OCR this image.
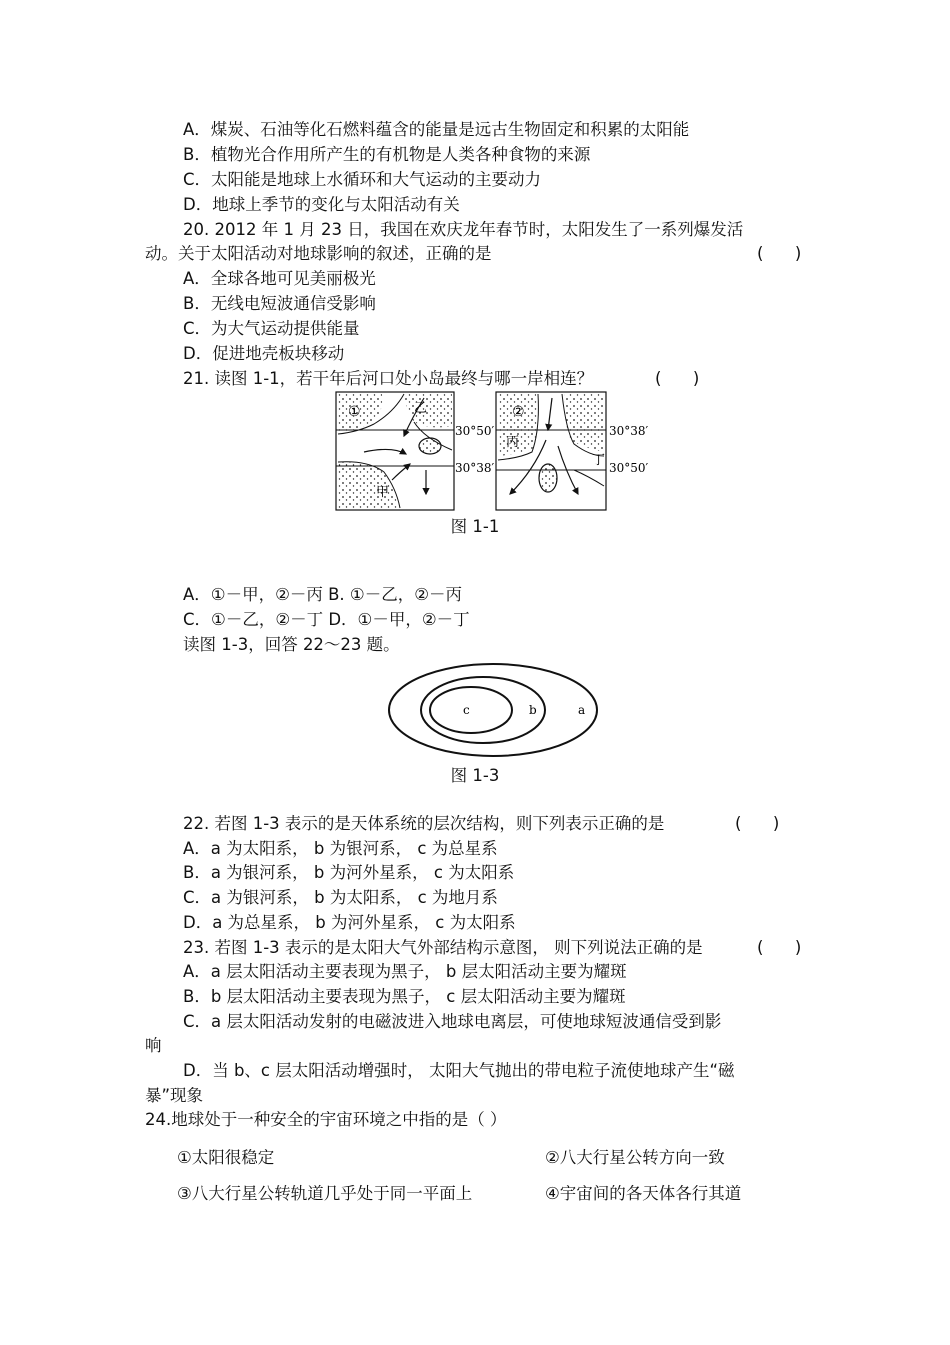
A．煤炭、石油等化石燃料蕴含的能量是远古生物固定和积累的太阳能
B．植物光合作用所产生的有机物是人类各种食物的来源
C．太阳能是地球上水循环和大气运动的主要动力
D．地球上季节的变化与太阳活动有关
20. 2012 年 1 月 23 日，我国在欢庆龙年春节时，太阳发生了一系列爆发活
动。关于太阳活动对地球影响的叙述，正确的是	(      )
A．全球各地可见美丽极光
B．无线电短波通信受影响
C．为大气运动提供能量
D．促进地壳板块移动
21. 读图 1-1，若干年后河口处小岛最终与哪一岸相连？	(      )
①	乙
甲
30°50′
30°38′
②
丙
丁
30°38′
30°50′
图 1-1
A．①－甲，②－丙 B. ①－乙，②－丙
C．①－乙，②－丁 D．①－甲，②－丁
读图 1-3，回答 22～23 题。
c	b	a
图 1-3
22. 若图 1-3 表示的是天体系统的层次结构，则下列表示正确的是	(      )
A．a 为太阳系， b 为银河系， c 为总星系
B．a 为银河系， b 为河外星系， c 为太阳系
C．a 为银河系， b 为太阳系， c 为地月系
D．a 为总星系， b 为河外星系， c 为太阳系
23. 若图 1-3 表示的是太阳大气外部结构示意图， 则下列说法正确的是	(      )
A．a 层太阳活动主要表现为黑子， b 层太阳活动主要为耀斑
B．b 层太阳活动主要表现为黑子， c 层太阳活动主要为耀斑
C．a 层太阳活动发射的电磁波进入地球电离层，可使地球短波通信受到影
响
D．当 b、c 层太阳活动增强时， 太阳大气抛出的带电粒子流使地球产生“磁
暴”现象
24.地球处于一种安全的宇宙环境之中指的是（ ）
①太阳很稳定	②八大行星公转方向一致
③八大行星公转轨道几乎处于同一平面上	④宇宙间的各天体各行其道
